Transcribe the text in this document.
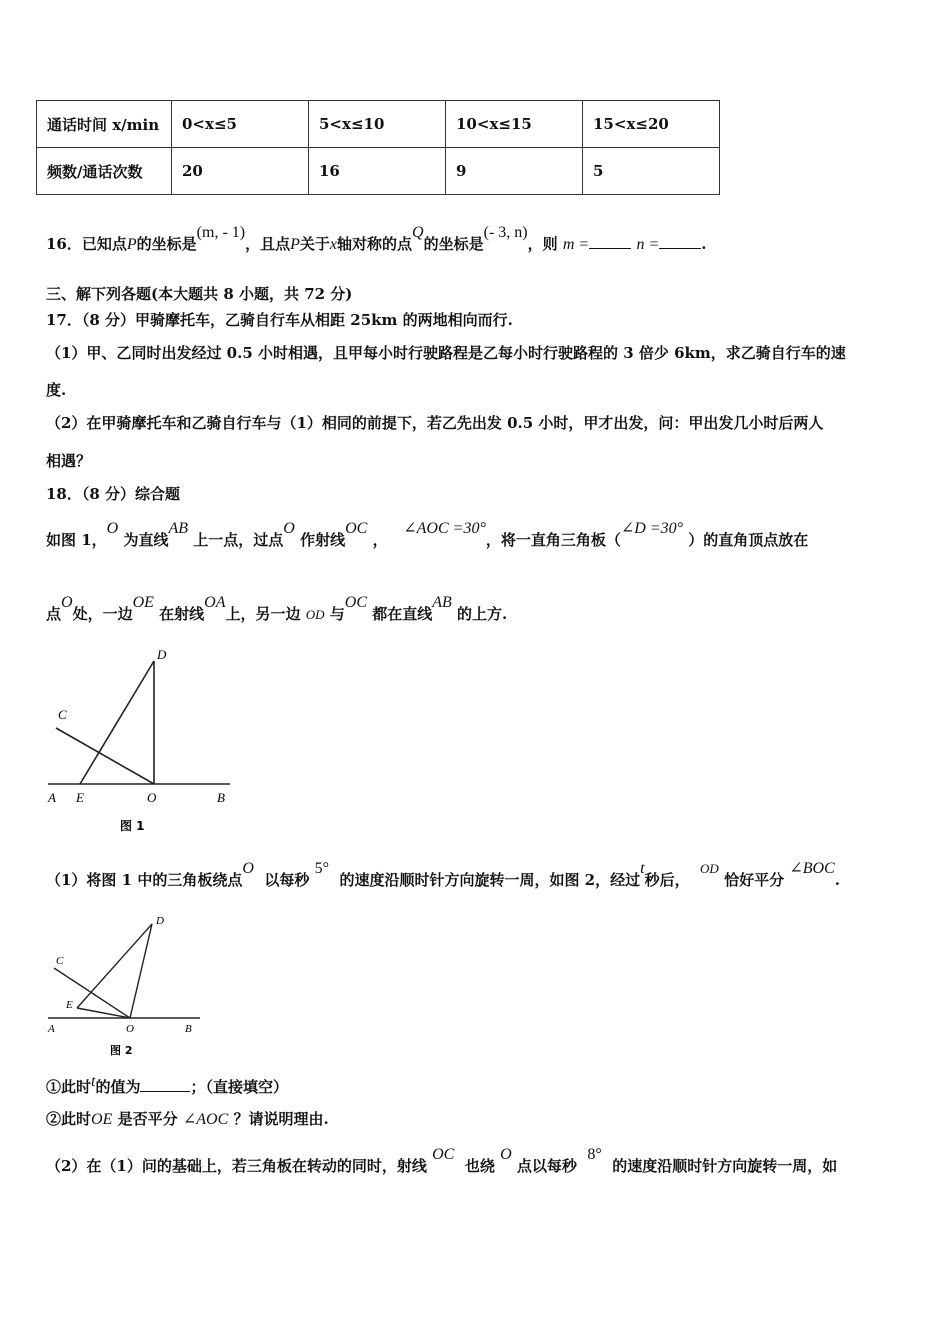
通话时间 x/min	0<x≤5	5<x≤10	10<x≤15	15<x≤20
频数/通话次数	20	16	9	5
16．已知点P的坐标是(m, - 1)，且点P关于x轴对称的点Q的坐标是(- 3, n)，则 m =	n =	.
三、解下列各题(本大题共 8 小题，共 72 分)
17．（8 分）甲骑摩托车，乙骑自行车从相距 25km 的两地相向而行.
（1）甲、乙同时出发经过 0.5 小时相遇，且甲每小时行驶路程是乙每小时行驶路程的 3 倍少 6km，求乙骑自行车的速
度.
（2）在甲骑摩托车和乙骑自行车与（1）相同的前提下，若乙先出发 0.5 小时，甲才出发，问：甲出发几小时后两人
相遇？
18．（8 分）综合题
如图 1，O 为直线AB 上一点，过点O 作射线OC ，   ∠AOC =30°，将一直角三角板（∠D =30° ）的直角顶点放在
点O处，一边OE 在射线OA上，另一边 OD 与OC 都在直线AB 的上方.
D
C
A E	O	B
图 1
（1）将图 1 中的三角板绕点O  以每秒 5°  的速度沿顺时针方向旋转一周，如图 2，经过t秒后，  OD 恰好平分 ∠BOC.
D
C
E
A	O	B
图 2
①此时t的值为	；（直接填空）
②此时OE 是否平分 ∠AOC ？请说明理由.
（2）在（1）问的基础上，若三角板在转动的同时，射线 OC  也绕 O 点以每秒  8°  的速度沿顺时针方向旋转一周，如
